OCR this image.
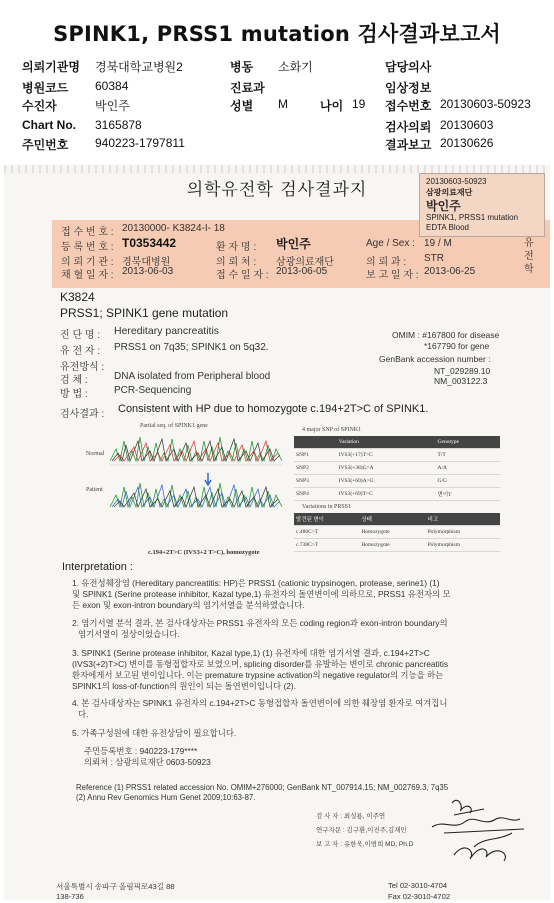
SPINK1, PRSS1 mutation 검사결과보고서
의뢰기관명 경북대학교병원2	병동 소화기	담당의사
병원코드 60384	진료과	임상정보
수진자	박인주	성별 M	나이 19 접수번호 20130603-50923
Chart No. 3165878	검사의뢰 20130603
주민번호 940223-1797811	결과보고 20130626
의학유전학 검사결과지	20130603-50923
삼광의료재단
박인주
SPINK1, PRSS1 mutation
EDTA Blood
유전학
접 수 번 호 : 20130000- K3824-I- 18
등 록 번 호 : T0353442	환 자 명 : 박인주	Age / Sex : 19 / M
의 뢰 기 관 : 경북대병원	의 뢰 처 : 삼광의료재단	의 뢰 과 : STR
채 혈 일 자 : 2013-06-03	접 수 일 자 : 2013-06-05	보 고 일 자 : 2013-06-25
K3824
PRSS1; SPINK1 gene mutation
진 단 명 : Hereditary pancreatitis
유 전 자 : PRSS1 on 7q35; SPINK1 on 5q32.
유전방식 :
검 체 :	DNA isolated from Peripheral blood
방 법 :	PCR-Sequencing
OMIM : #167800 for disease
*167790 for gene
GenBank accession number :
NT_029289.10
NM_003122.3
검사결과 : Consistent with HP due to homozygote c.194+2T>C of SPINK1.
Partial seq. of SPINK1 gene
Normal
Patient
c.194+2T>C (IVS3+2 T>C), homozygote
4 major SNP of SPINK1
	Variation	Genotype
SNP1	IVS3(+17)T>C	T/T
SNP2	IVS3(+38)G>A	A/A
SNP3	IVS3(+60)A>G	G/G
SNP4	IVS3(+69)T>C	변이T
Variations in PRSS1
발견된 변이	상태	비고
c.486C>T	Homozygote	Polymorphism
c.738C>T	Homozygote	Polymorphism
Interpretation :
1. 유전성췌장염 (Hereditary pancreatitis: HP)은 PRSS1 (cationic trypsinogen, protease, serine1) (1)
및 SPINK1 (Serine protease inhibitor, Kazal type,1) 유전자의 돌연변이에 의하므로, PRSS1 유전자의 모
든 exon 및 exon-intron boundary의 염기서열을 분석하였습니다.
2. 염기서열 분석 결과, 본 검사대상자는 PRSS1 유전자의 모든 coding region과 exon-intron boundary의
염기서열이 정상이었습니다.
3. SPINK1 (Serine protease inhibitor, Kazal type,1) (1) 유전자에 대한 염기서열 결과, c.194+2T>C
(IVS3(+2)T>C) 변이를 동형접합자로 보였으며, splicing disorder를 유발하는 변이로 chronic pancreatitis
환자에게서 보고된 변이입니다. 이는 premature trypsine activation의 negative regulator의 기능을 하는
SPINK1의 loss-of-function의 원인이 되는 돌연변이입니다 (2).
4. 본 검사대상자는 SPINK1 유전자의 c.194+2T>C 동형접합자 돌연변이에 의한 췌장염 환자로 여겨집니
다.
5. 가족구성원에 대한 유전상담이 필요합니다.
주민등록번호 : 940223-179****
의뢰처 : 삼광의료재단 0603-50923
Reference (1) PRSS1 related accession No. OMIM+276000; GenBank NT_007914.15; NM_002769.3, 7q35
(2) Annu Rev Genomics Hum Genet 2009;10:63-87.
검 사 자 : 최성룡, 이주연
연구자문 : 김구환,이진주,김재민
보 고 자 : 유한욱,이범희 MD, Ph.D
서울특별시 송파구 올림픽로43길 88
138-736
Tel 02-3010-4704
Fax 02-3010-4702
